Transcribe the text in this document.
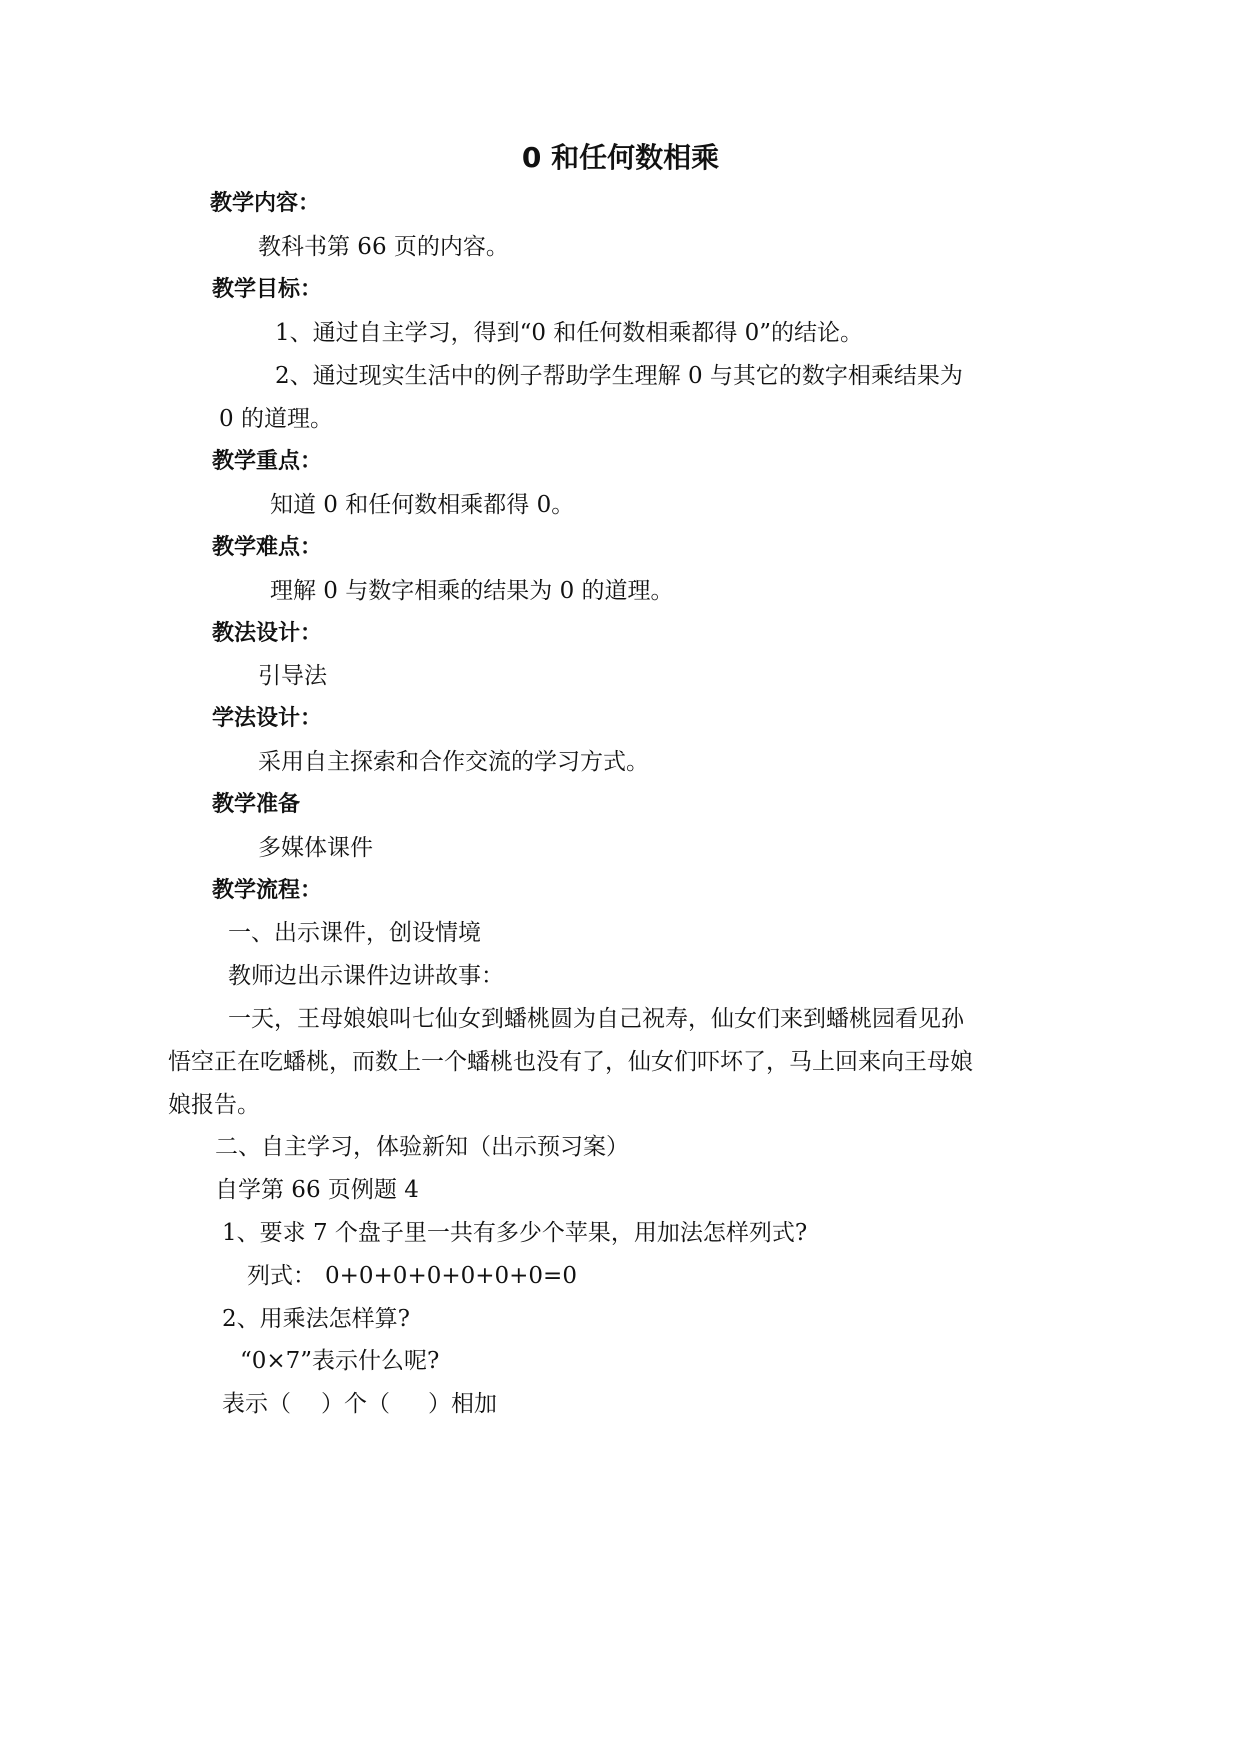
0 和任何数相乘
教学内容：
教科书第 66 页的内容。
教学目标：
1、通过自主学习，得到“0 和任何数相乘都得 0”的结论。
2、通过现实生活中的例子帮助学生理解 0 与其它的数字相乘结果为
0 的道理。
教学重点：
知道 0 和任何数相乘都得 0。
教学难点：
理解 0 与数字相乘的结果为 0 的道理。
教法设计：
引导法
学法设计：
采用自主探索和合作交流的学习方式。
教学准备
多媒体课件
教学流程：
一、出示课件，创设情境
教师边出示课件边讲故事：
一天，王母娘娘叫七仙女到蟠桃圆为自己祝寿，仙女们来到蟠桃园看见孙
悟空正在吃蟠桃，而数上一个蟠桃也没有了，仙女们吓坏了，马上回来向王母娘
娘报告。
二、自主学习，体验新知（出示预习案）
自学第 66 页例题 4
1、要求 7 个盘子里一共有多少个苹果，用加法怎样列式?
列式： 0+0+0+0+0+0+0=0
2、用乘法怎样算?
“0×7”表示什么呢?
表示（ ）个（ ）相加
